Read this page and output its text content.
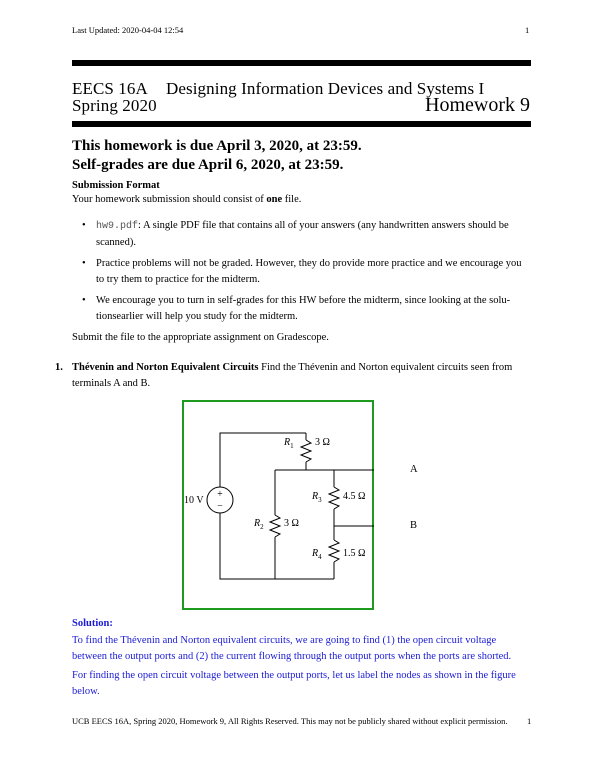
Last Updated: 2020-04-04 12:54	1
EECS 16A Designing Information Devices and Systems I
Spring 2020	Homework 9
This homework is due April 3, 2020, at 23:59.
Self-grades are due April 6, 2020, at 23:59.
Submission Format
Your homework submission should consist of one file.
• hw9.pdf: A single PDF file that contains all of your answers (any handwritten answers should be scanned).
• Practice problems will not be graded. However, they do provide more practice and we encourage you to try them to practice for the midterm.
• We encourage you to turn in self-grades for this HW before the midterm, since looking at the solu-tionsearlier will help you study for the midterm.
Submit the file to the appropriate assignment on Gradescope.
1. Thévenin and Norton Equivalent Circuits Find the Thévenin and Norton equivalent circuits seen from terminals A and B.
+
−
10 V
$R_1$ 3 Ω
$R_2$ 3 Ω
$R_3$ 4.5 Ω
$R_4$ 1.5 Ω
A
B
Solution:
To find the Thévenin and Norton equivalent circuits, we are going to find (1) the open circuit voltage between the output ports and (2) the current flowing through the output ports when the ports are shorted.
For finding the open circuit voltage between the output ports, let us label the nodes as shown in the figure below.
UCB EECS 16A, Spring 2020, Homework 9, All Rights Reserved. This may not be publicly shared without explicit permission. 1
